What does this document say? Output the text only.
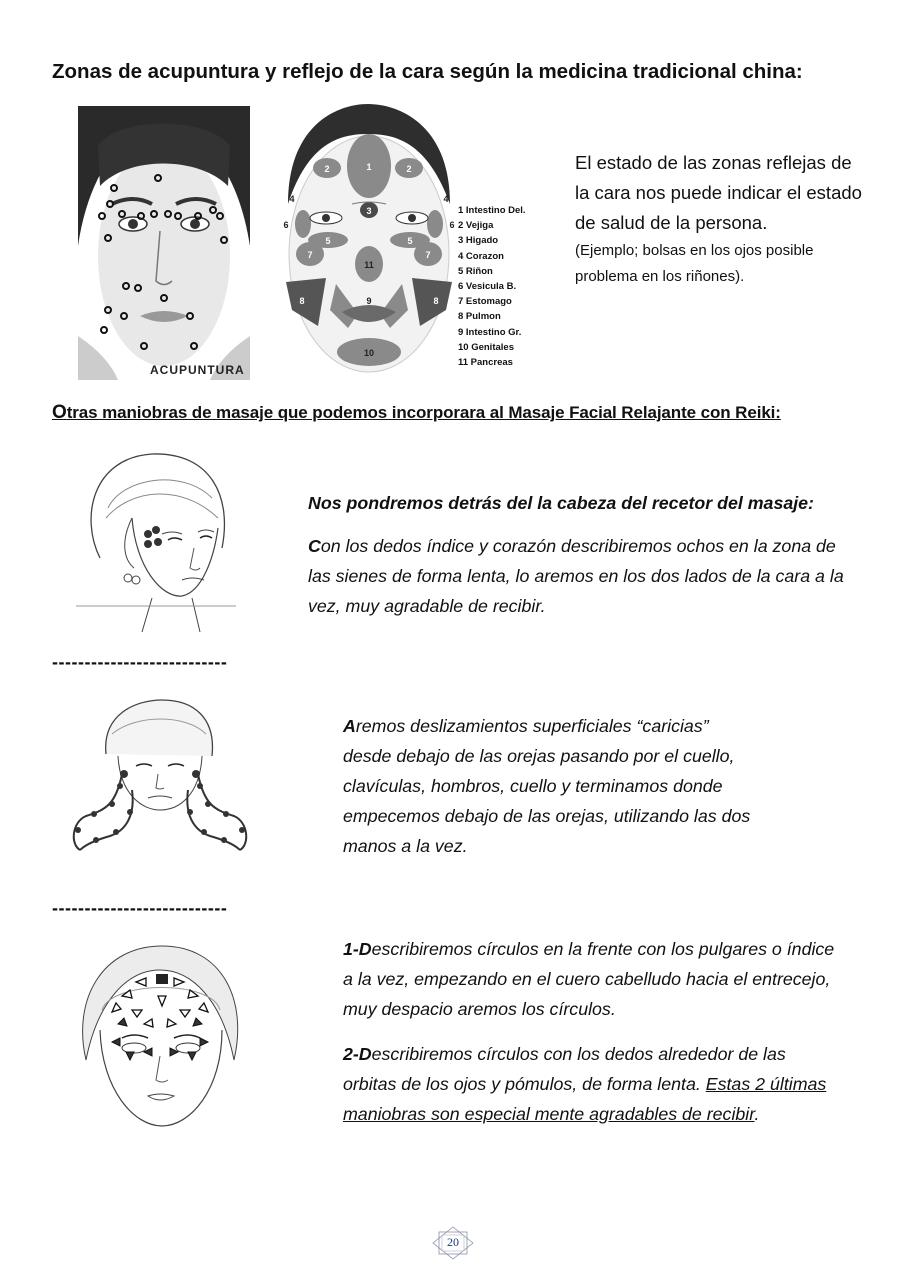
Zonas de acupuntura y reflejo de la cara según la medicina tradicional china:
ACUPUNTURA
1
2	2
3
4	4
5	5
6	6
7	7
8	8
9
11
10
1 Intestino Del.
2 Vejiga
3 Higado
4 Corazon
5 Riñon
6 Vesicula B.
7 Estomago
8 Pulmon
9 Intestino Gr.
10 Genitales
11 Pancreas
El estado de las zonas reflejas de la cara nos puede indicar el estado de salud de la persona.
(Ejemplo; bolsas en los ojos posible problema en los riñones).
Otras maniobras de masaje que podemos incorporara al Masaje Facial Relajante con Reiki:
Nos pondremos detrás del la cabeza del recetor del masaje:
Con los dedos índice y corazón describiremos ochos en la zona de las sienes de forma lenta, lo aremos en los dos lados de la cara a la vez, muy agradable de recibir.
---------------------------
Aremos deslizamientos superficiales “caricias” desde debajo de las orejas pasando por el cuello, clavículas, hombros, cuello y terminamos donde empecemos debajo de las orejas, utilizando las dos manos a la vez.
---------------------------
1-Describiremos círculos en la frente con los pulgares o índice a la vez, empezando en el cuero cabelludo hacia el entrecejo, muy despacio aremos los círculos.
2-Describiremos círculos con los dedos alrededor de las orbitas de los ojos y pómulos, de forma lenta. Estas 2 últimas maniobras son especial mente agradables de recibir.
20
